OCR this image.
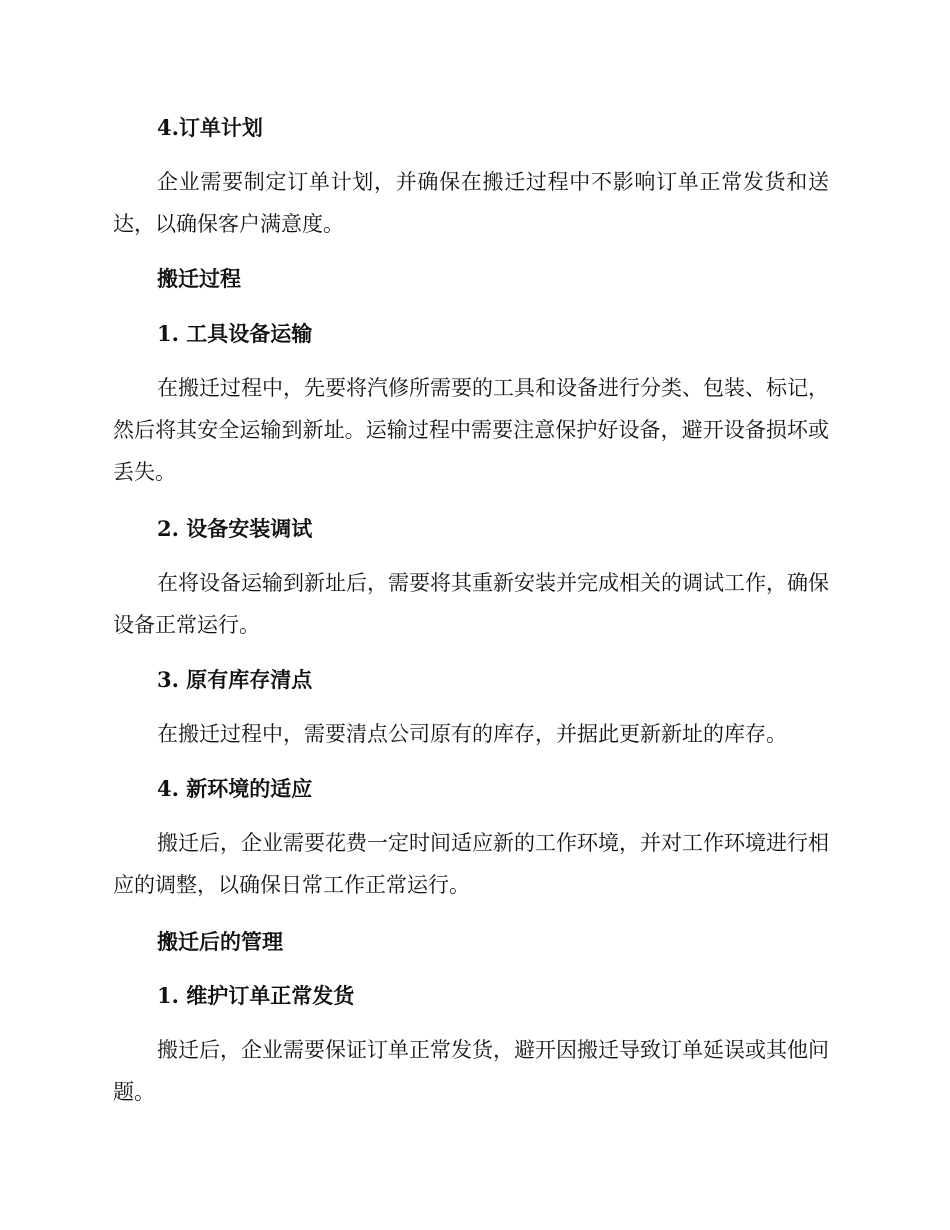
4.订单计划

企业需要制定订单计划，并确保在搬迁过程中不影响订单正常发货和送达，以确保客户满意度。

搬迁过程
1. 工具设备运输

在搬迁过程中，先要将汽修所需要的工具和设备进行分类、包装、标记，然后将其安全运输到新址。运输过程中需要注意保护好设备，避开设备损坏或丢失。

2. 设备安装调试

在将设备运输到新址后，需要将其重新安装并完成相关的调试工作，确保设备正常运行。

3. 原有库存清点

在搬迁过程中，需要清点公司原有的库存，并据此更新新址的库存。

4. 新环境的适应

搬迁后，企业需要花费一定时间适应新的工作环境，并对工作环境进行相应的调整，以确保日常工作正常运行。

搬迁后的管理
1. 维护订单正常发货

搬迁后，企业需要保证订单正常发货，避开因搬迁导致订单延误或其他问题。
